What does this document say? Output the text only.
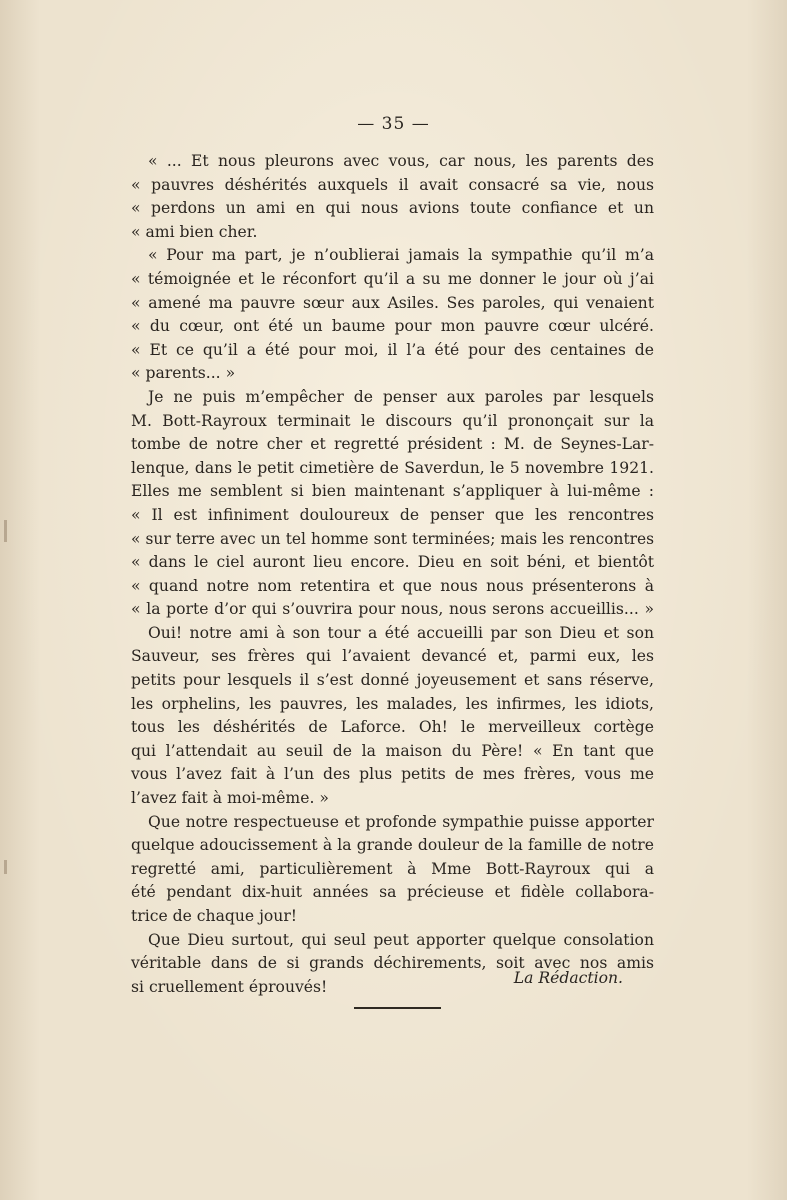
— 35 —
« ... Et nous pleurons avec vous, car nous, les parents des
« pauvres déshérités auxquels il avait consacré sa vie, nous
« perdons un ami en qui nous avions toute confiance et un
« ami bien cher.
« Pour ma part, je n’oublierai jamais la sympathie qu’il m’a
« témoignée et le réconfort qu’il a su me donner le jour où j’ai
« amené ma pauvre sœur aux Asiles. Ses paroles, qui venaient
« du cœur, ont été un baume pour mon pauvre cœur ulcéré.
« Et ce qu’il a été pour moi, il l’a été pour des centaines de
« parents... »
Je ne puis m’empêcher de penser aux paroles par lesquels
M. Bott-Rayroux terminait le discours qu’il prononçait sur la
tombe de notre cher et regretté président : M. de Seynes-Lar-
lenque, dans le petit cimetière de Saverdun, le 5 novembre 1921.
Elles me semblent si bien maintenant s’appliquer à lui-même :
« Il est infiniment douloureux de penser que les rencontres
« sur terre avec un tel homme sont terminées; mais les rencontres
« dans le ciel auront lieu encore. Dieu en soit béni, et bientôt
« quand notre nom retentira et que nous nous présenterons à
« la porte d’or qui s’ouvrira pour nous, nous serons accueillis... »
Oui! notre ami à son tour a été accueilli par son Dieu et son
Sauveur, ses frères qui l’avaient devancé et, parmi eux, les
petits pour lesquels il s’est donné joyeusement et sans réserve,
les orphelins, les pauvres, les malades, les infirmes, les idiots,
tous les déshérités de Laforce. Oh! le merveilleux cortège
qui l’attendait au seuil de la maison du Père! « En tant que
vous l’avez fait à l’un des plus petits de mes frères, vous me
l’avez fait à moi-même. »
Que notre respectueuse et profonde sympathie puisse apporter
quelque adoucissement à la grande douleur de la famille de notre
regretté ami, particulièrement à Mme Bott-Rayroux qui a
été pendant dix-huit années sa précieuse et fidèle collabora-
trice de chaque jour!
Que Dieu surtout, qui seul peut apporter quelque consolation
véritable dans de si grands déchirements, soit avec nos amis
si cruellement éprouvés!	La Rédaction.
